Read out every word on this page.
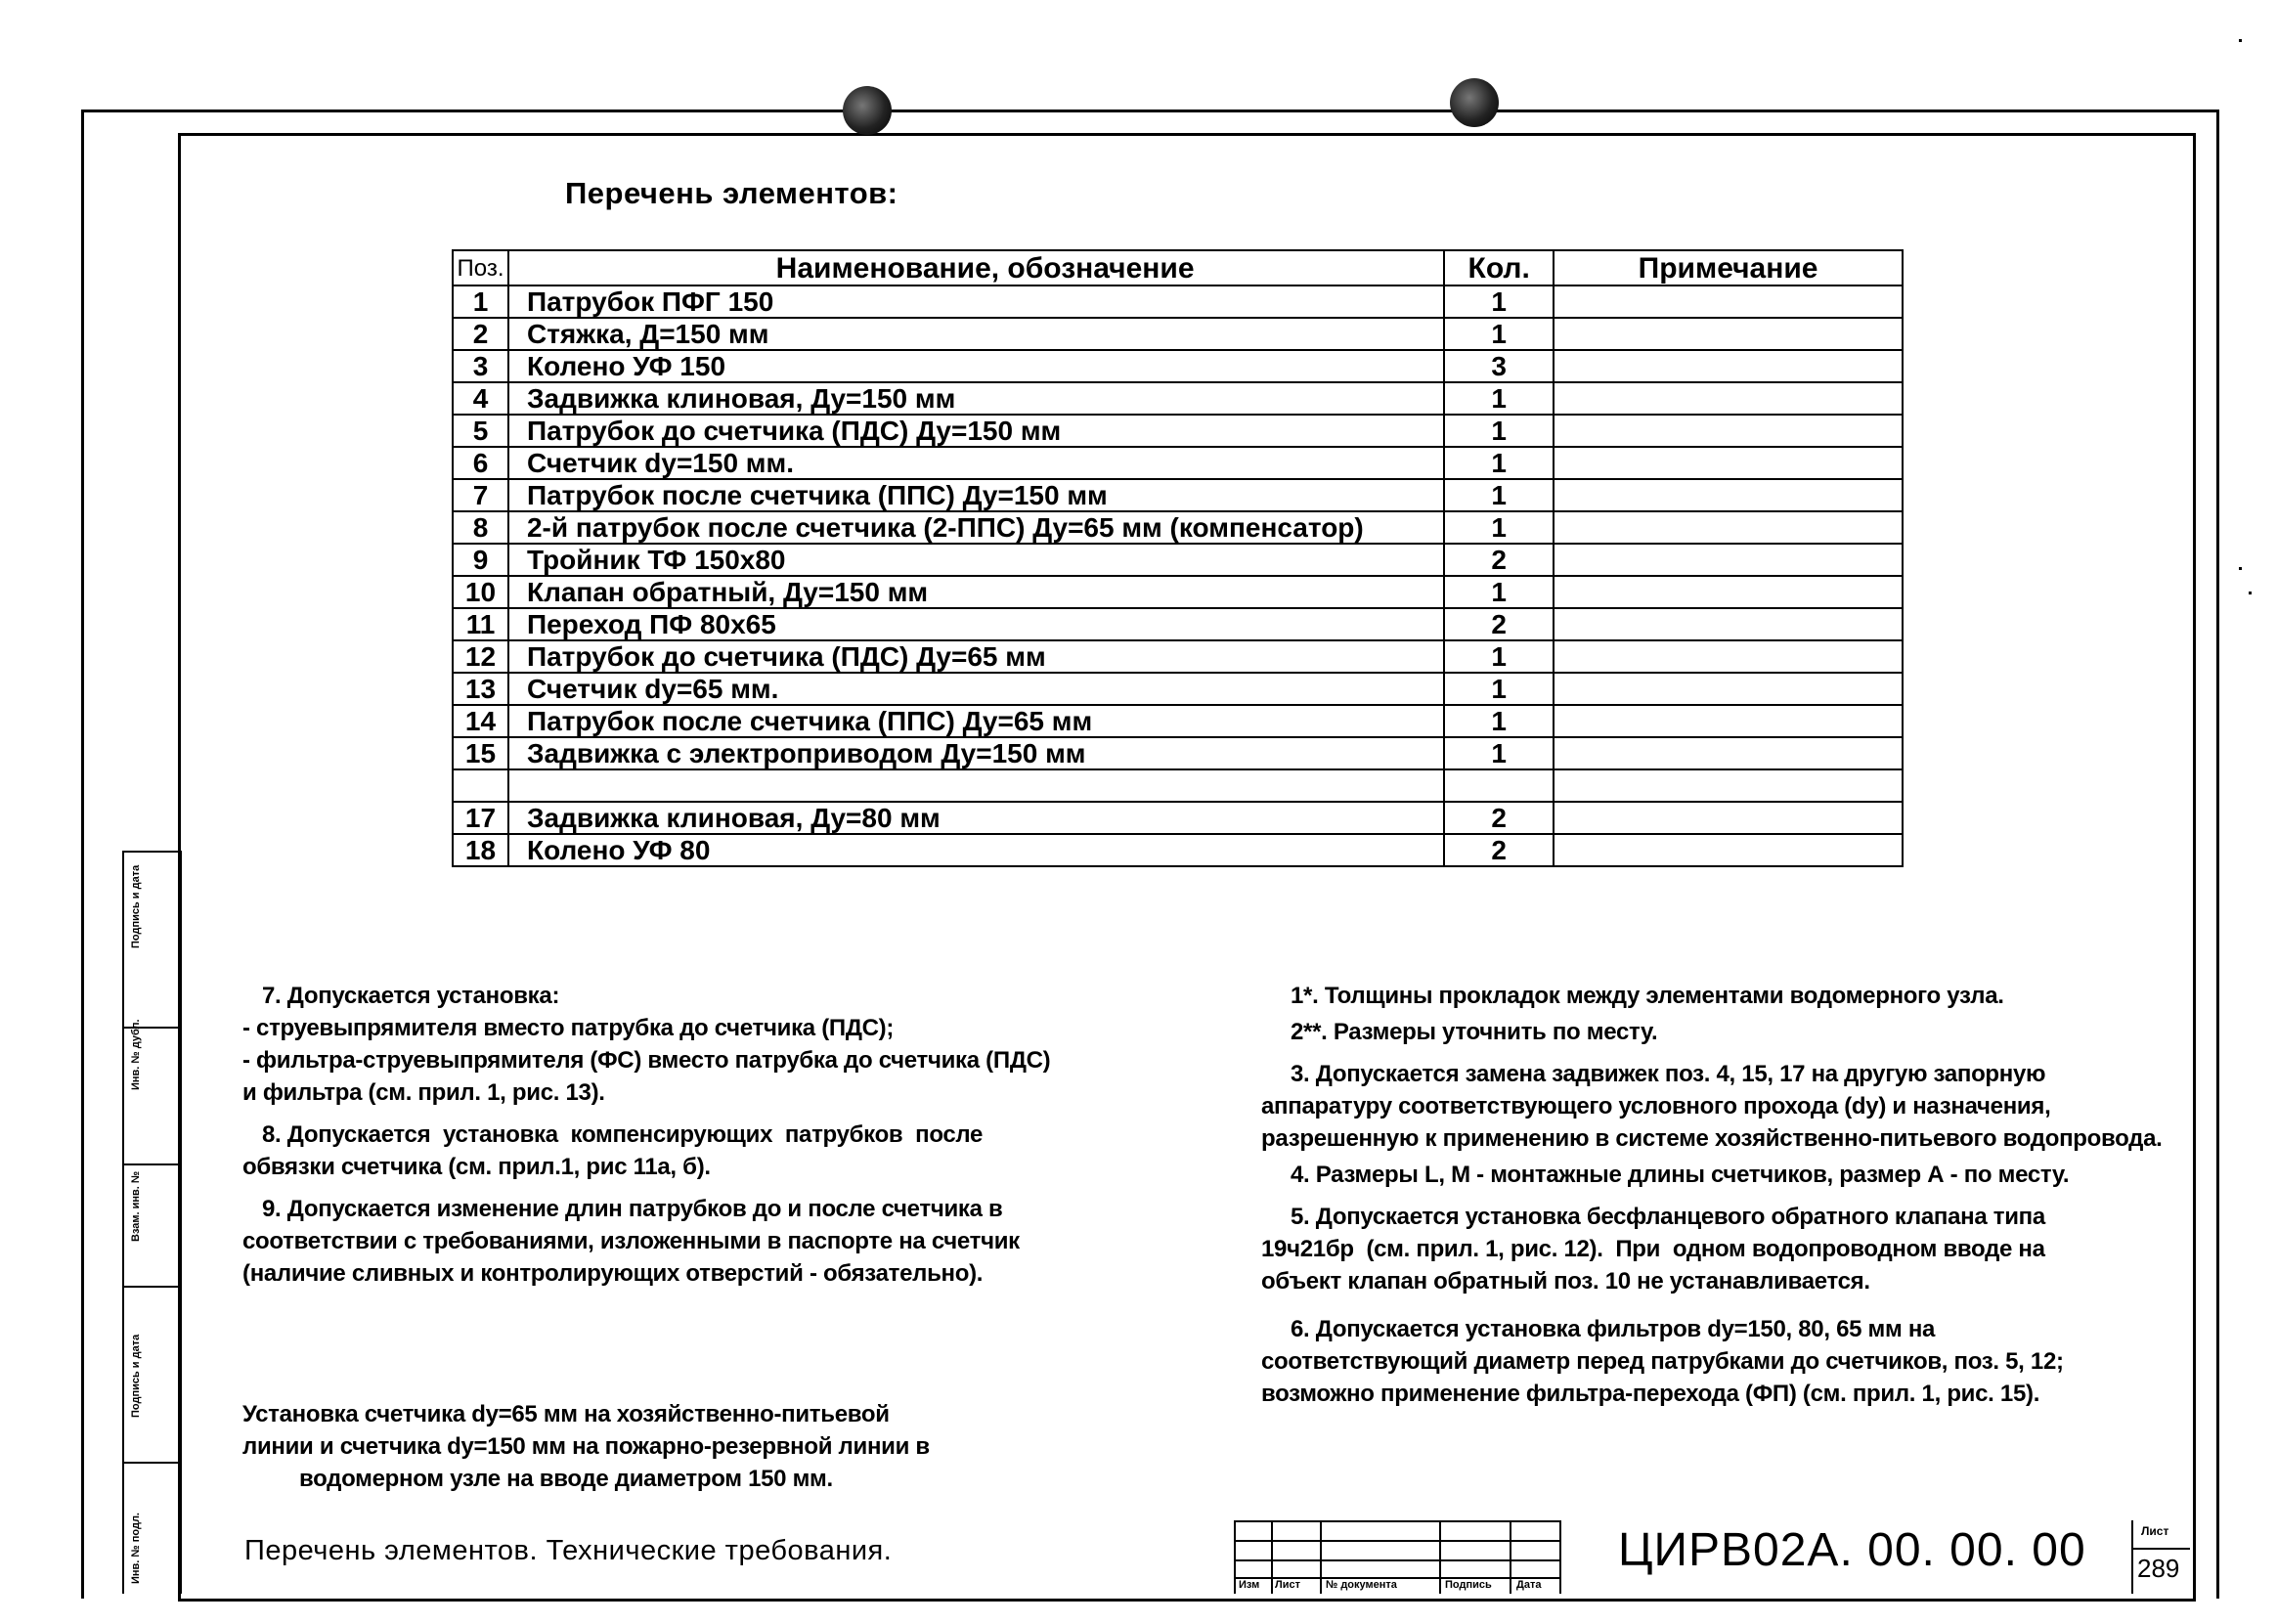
Перечень элементов:
Поз.	Наименование, обозначение	Кол.	Примечание
1	Патрубок ПФГ 150	1	
2	Стяжка, Д=150 мм	1	
3	Колено УФ 150	3	
4	Задвижка клиновая, Ду=150 мм	1	
5	Патрубок до счетчика (ПДС) Ду=150 мм	1	
6	Счетчик dу=150 мм.	1	
7	Патрубок после счетчика (ППС) Ду=150 мм	1	
8	2-й патрубок после счетчика (2-ППС) Ду=65 мм (компенсатор)	1	
9	Тройник ТФ 150х80	2	
10	Клапан обратный, Ду=150 мм	1	
11	Переход ПФ 80х65	2	
12	Патрубок до счетчика (ПДС) Ду=65 мм	1	
13	Счетчик dу=65 мм.	1	
14	Патрубок после счетчика (ППС) Ду=65 мм	1	
15	Задвижка с электроприводом Ду=150 мм	1	

17	Задвижка клиновая, Ду=80 мм	2	
18	Колено УФ 80	2	
7. Допускается установка:
- струевыпрямителя вместо патрубка до счетчика (ПДС);
- фильтра-струевыпрямителя (ФС) вместо патрубка до счетчика (ПДС)
и фильтра (см. прил. 1, рис. 13).
8. Допускается  установка  компенсирующих  патрубков  после
обвязки счетчика (см. прил.1, рис 11а, б).
9. Допускается изменение длин патрубков до и после счетчика в
соответствии с требованиями, изложенными в паспорте на счетчик
(наличие сливных и контролирующих отверстий - обязательно).
Установка счетчика dу=65 мм на хозяйственно-питьевой
линии и счетчика dу=150 мм на пожарно-резервной линии в
водомерном узле на вводе диаметром 150 мм.
1*. Толщины прокладок между элементами водомерного узла.
2**. Размеры уточнить по месту.
3. Допускается замена задвижек поз. 4, 15, 17 на другую запорную
аппаратуру соответствующего условного прохода (dу) и назначения,
разрешенную к применению в системе хозяйственно-питьевого водопровода.
4. Размеры L, М - монтажные длины счетчиков, размер А - по месту.
5. Допускается установка бесфланцевого обратного клапана типа
19ч21бр  (см. прил. 1, рис. 12).  При  одном водопроводном вводе на
объект клапан обратный поз. 10 не устанавливается.
6. Допускается установка фильтров dу=150, 80, 65 мм на
соответствующий диаметр перед патрубками до счетчиков, поз. 5, 12;
возможно применение фильтра-перехода (ФП) (см. прил. 1, рис. 15).
Подпись и дата
Инв. № дубл.
Взам. инв. №
Подпись и дата
Инв. № подл.	Перечень элементов. Технические требования.
Изм Лист № документа	Подпись Дата
ЦИРВ02А. 00. 00. 00	Лист
289
